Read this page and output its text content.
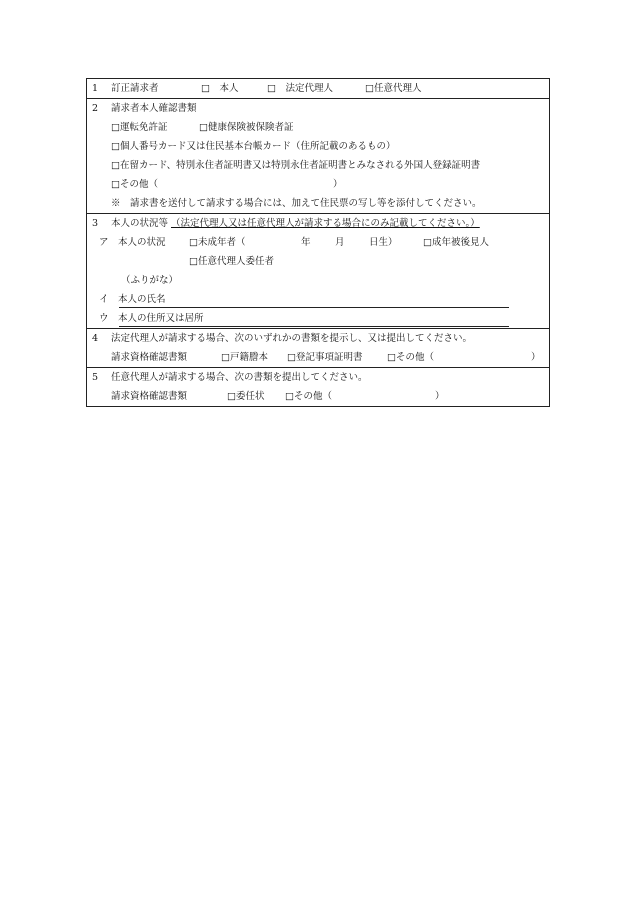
1 訂正請求者	□　本人	□　法定代理人	□任意代理人
2 請求者本人確認書類
□運転免許証	□健康保険被保険者証
□個人番号カード又は住民基本台帳カード（住所記載のあるもの）
□在留カード、特別永住者証明書又は特別永住者証明書とみなされる外国人登録証明書
□その他（	）
※　請求書を送付して請求する場合には、加えて住民票の写し等を添付してください。
3 本人の状況等 （法定代理人又は任意代理人が請求する場合にのみ記載してください。）
ア　本人の状況 □未成年者（	年	月	日生）	□成年被後見人
□任意代理人委任者
（ふりがな）
イ　本人の氏名
ウ　本人の住所又は居所
4 法定代理人が請求する場合、次のいずれかの書類を提示し、又は提出してください。
請求資格確認書類	□戸籍謄本 □登記事項証明書	□その他（	）
5 任意代理人が請求する場合、次の書類を提出してください。
請求資格確認書類	□委任状 □その他（	）
